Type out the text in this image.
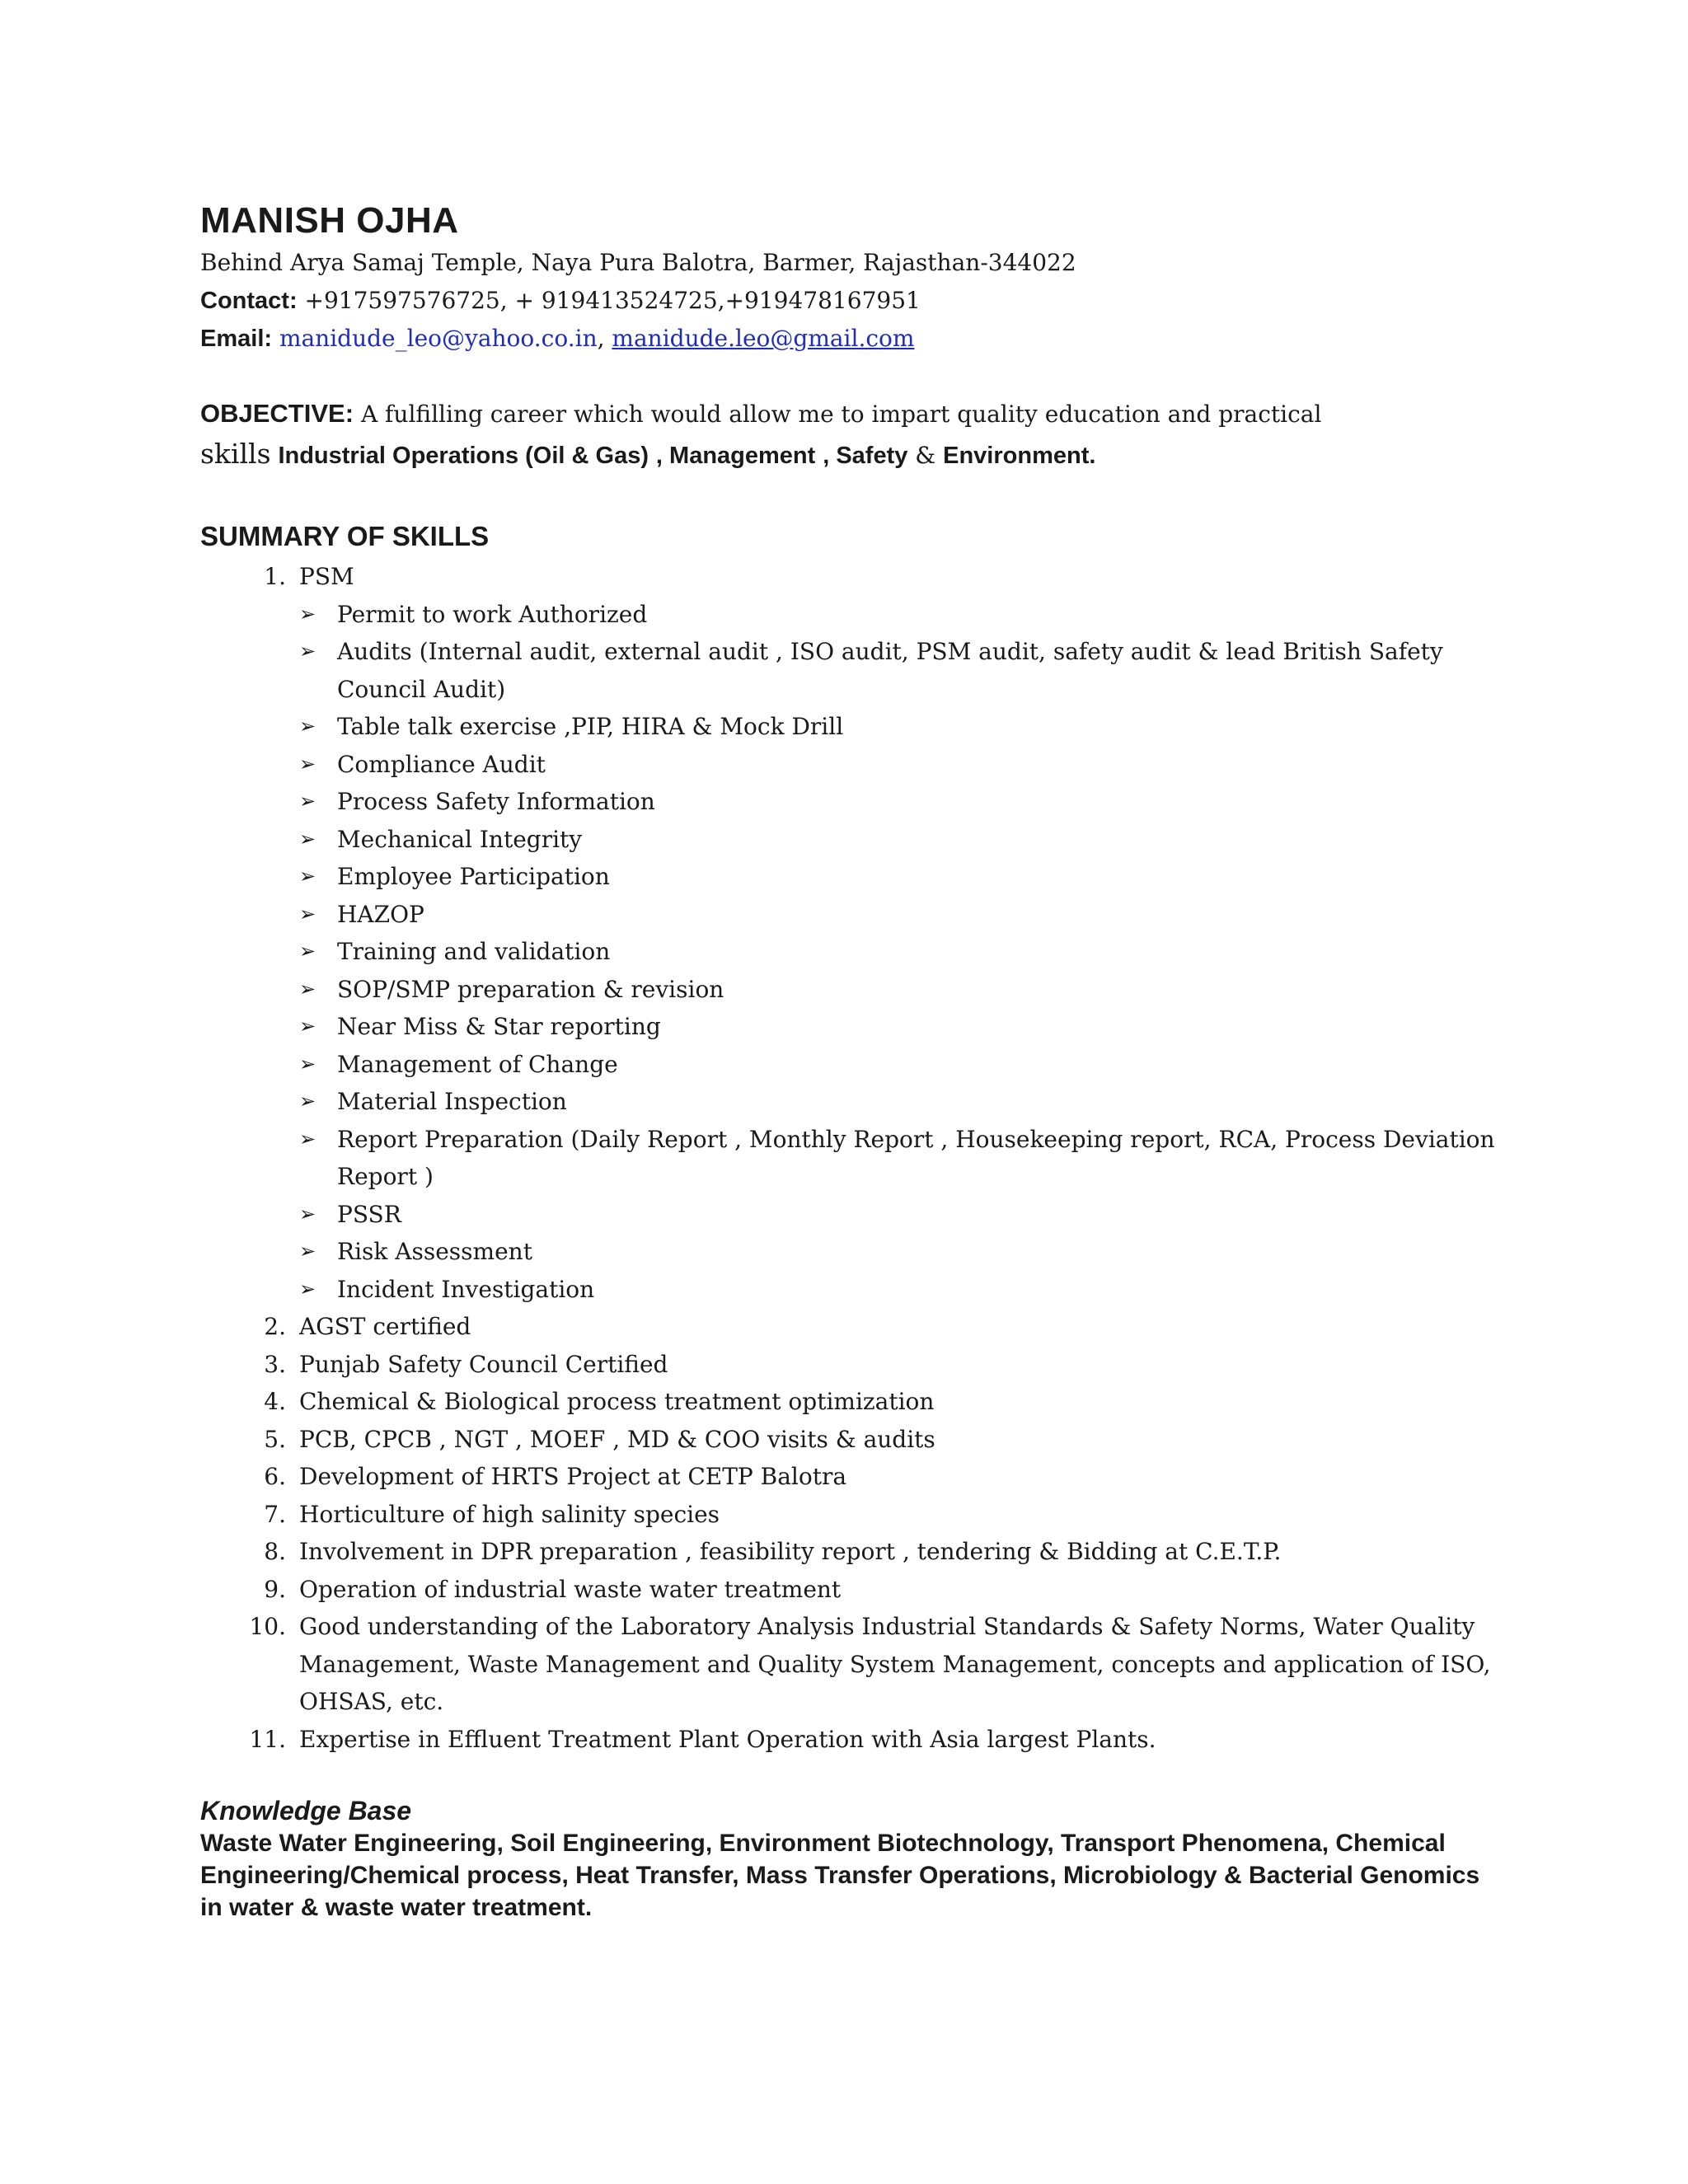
MANISH OJHA
Behind Arya Samaj Temple, Naya Pura Balotra, Barmer, Rajasthan-344022
Contact: +917597576725, + 919413524725,+919478167951
Email: manidude_leo@yahoo.co.in, manidude.leo@gmail.com
OBJECTIVE: A fulfilling career which would allow me to impart quality education and practical
skills Industrial Operations (Oil & Gas) , Management , Safety & Environment.
SUMMARY OF SKILLS
1. PSM
➢ Permit to work Authorized
➢ Audits (Internal audit, external audit , ISO audit, PSM audit, safety audit & lead British Safety Council Audit)
➢ Table talk exercise ,PIP, HIRA & Mock Drill
➢ Compliance Audit
➢ Process Safety Information
➢ Mechanical Integrity
➢ Employee Participation
➢ HAZOP
➢ Training and validation
➢ SOP/SMP preparation & revision
➢ Near Miss & Star reporting
➢ Management of Change
➢ Material Inspection
➢ Report Preparation (Daily Report , Monthly Report , Housekeeping report, RCA, Process Deviation Report )
➢ PSSR
➢ Risk Assessment
➢ Incident Investigation
2. AGST certified
3. Punjab Safety Council Certified
4. Chemical & Biological process treatment optimization
5. PCB, CPCB , NGT , MOEF , MD & COO visits & audits
6. Development of HRTS Project at CETP Balotra
7. Horticulture of high salinity species
8. Involvement in DPR preparation , feasibility report , tendering & Bidding at C.E.T.P.
9. Operation of industrial waste water treatment
10. Good understanding of the Laboratory Analysis Industrial Standards & Safety Norms, Water Quality Management, Waste Management and Quality System Management, concepts and application of ISO, OHSAS, etc.
11. Expertise in Effluent Treatment Plant Operation with Asia largest Plants.
Knowledge Base
Waste Water Engineering, Soil Engineering, Environment Biotechnology, Transport Phenomena, Chemical Engineering/Chemical process, Heat Transfer, Mass Transfer Operations, Microbiology & Bacterial Genomics in water & waste water treatment.
